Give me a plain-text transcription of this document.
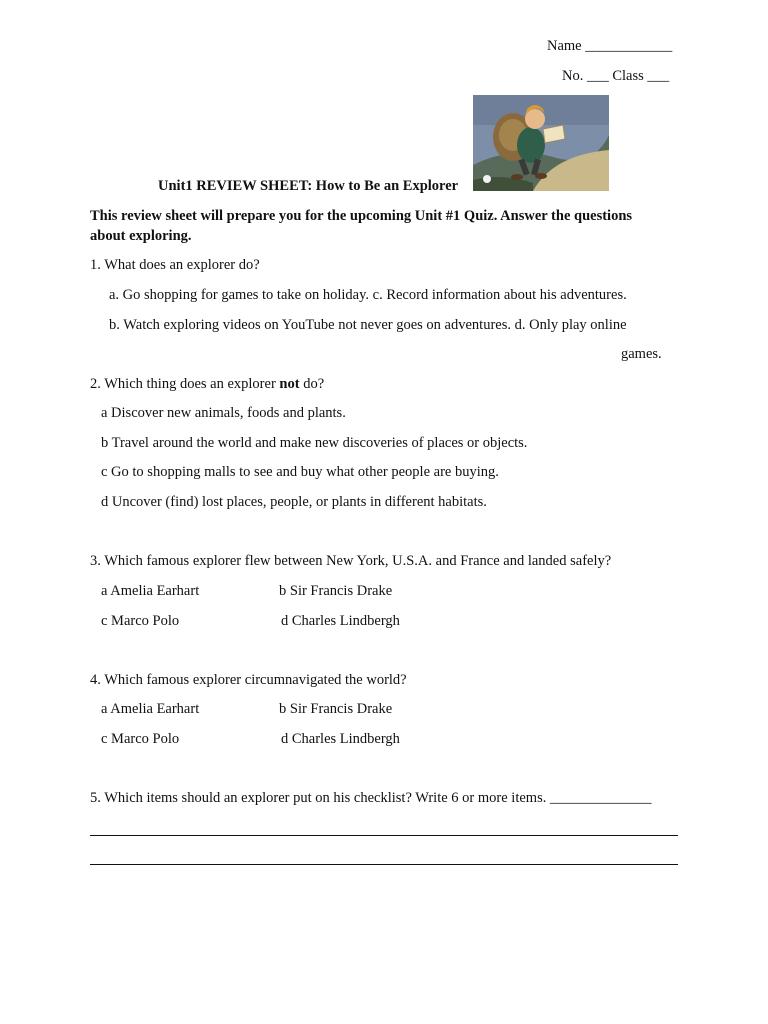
Name ____________
No. ___ Class ___
Unit1 REVIEW SHEET: How to Be an Explorer
This review sheet will prepare you for the upcoming Unit #1 Quiz. Answer the questions
about exploring.
1. What does an explorer do?
a. Go shopping for games to take on holiday. c. Record information about his adventures.
b. Watch exploring videos on YouTube not never goes on adventures. d. Only play online
games.
2. Which thing does an explorer not do?
a Discover new animals, foods and plants.
b Travel around the world and make new discoveries of places or objects.
c Go to shopping malls to see and buy what other people are buying.
d Uncover (find) lost places, people, or plants in different habitats.
3. Which famous explorer flew between New York, U.S.A. and France and landed safely?
a Amelia Earhart	b Sir Francis Drake
c Marco Polo	d Charles Lindbergh
4. Which famous explorer circumnavigated the world?
a Amelia Earhart	b Sir Francis Drake
c Marco Polo	d Charles Lindbergh
5. Which items should an explorer put on his checklist? Write 6 or more items. ______________
